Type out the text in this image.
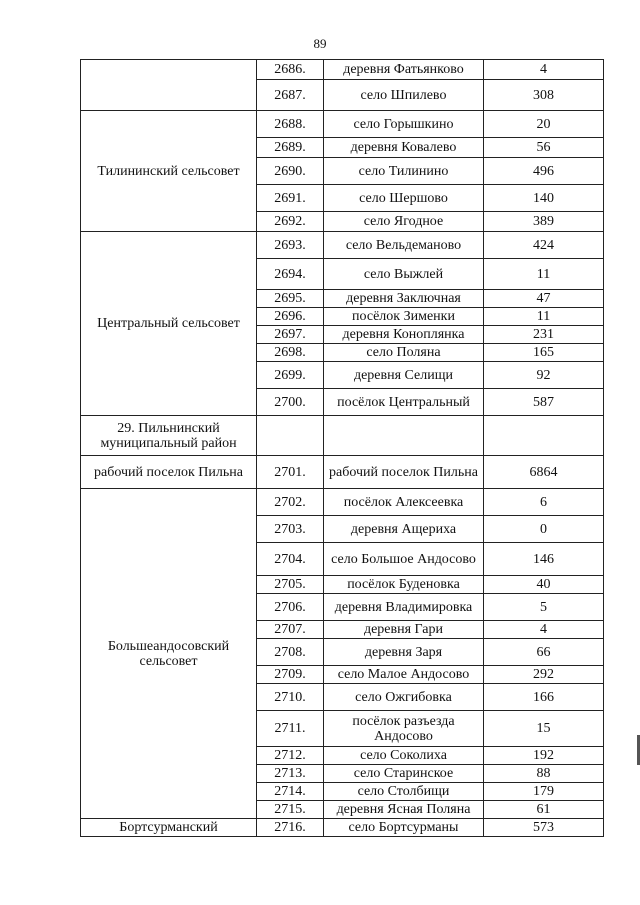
89
	2686.	деревня Фатьянково	4
	2687.	село Шпилево	308
Тилининский сельсовет	2688.	село Горышкино	20
	2689.	деревня Ковалево	56
	2690.	село Тилинино	496
	2691.	село Шершово	140
	2692.	село Ягодное	389
Центральный сельсовет	2693.	село Вельдеманово	424
	2694.	село Выжлей	11
	2695.	деревня Заключная	47
	2696.	посёлок Зименки	11
	2697.	деревня Коноплянка	231
	2698.	село Поляна	165
	2699.	деревня Селищи	92
	2700.	посёлок Центральный	587
29. Пильнинский муниципальный район			
рабочий поселок Пильна	2701.	рабочий поселок Пильна	6864
Большеандосовский сельсовет	2702.	посёлок Алексеевка	6
	2703.	деревня Ащериха	0
	2704.	село Большое Андосово	146
	2705.	посёлок Буденовка	40
	2706.	деревня Владимировка	5
	2707.	деревня Гари	4
	2708.	деревня Заря	66
	2709.	село Малое Андосово	292
	2710.	село Ожгибовка	166
	2711.	посёлок разъезда Андосово	15
	2712.	село Соколиха	192
	2713.	село Старинское	88
	2714.	село Столбищи	179
	2715.	деревня Ясная Поляна	61
Бортсурманский	2716.	село Бортсурманы	573
